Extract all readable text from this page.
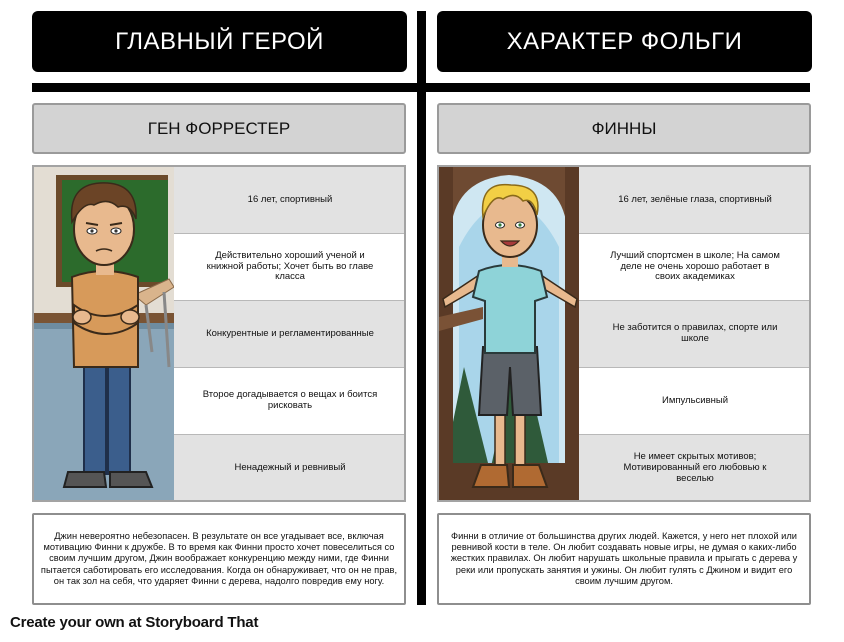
ГЛАВНЫЙ ГЕРОЙ	ХАРАКТЕР ФОЛЬГИ
ГЕН ФОРРЕСТЕР	ФИННЫ
16 лет, спортивный
Действительно хороший ученой и книжной работы; Хочет быть во главе класса
Конкурентные и регламентированные
Второе догадывается о вещах и боится рисковать
Ненадежный и ревнивый
16 лет, зелёные глаза, спортивный
Лучший спортсмен в школе; На самом деле не очень хорошо работает в своих академиках
Не заботится о правилах, спорте или школе
Импульсивный
Не имеет скрытых мотивов; Мотивированный его любовью к веселью
Джин невероятно небезопасен. В результате он все угадывает все, включая мотивацию Финни к дружбе. В то время как Финни просто хочет повеселиться со своим лучшим другом, Джин воображает конкуренцию между ними, где Финни пытается саботировать его исследования. Когда он обнаруживает, что он не прав, он так зол на себя, что ударяет Финни с дерева, надолго повредив ему ногу.
Финни в отличие от большинства других людей. Кажется, у него нет плохой или ревнивой кости в теле. Он любит создавать новые игры, не думая о каких-либо жестких правилах. Он любит нарушать школьные правила и прыгать с дерева у реки или пропускать занятия и ужины. Он любит гулять с Джином и видит его своим лучшим другом.
Create your own at Storyboard That
